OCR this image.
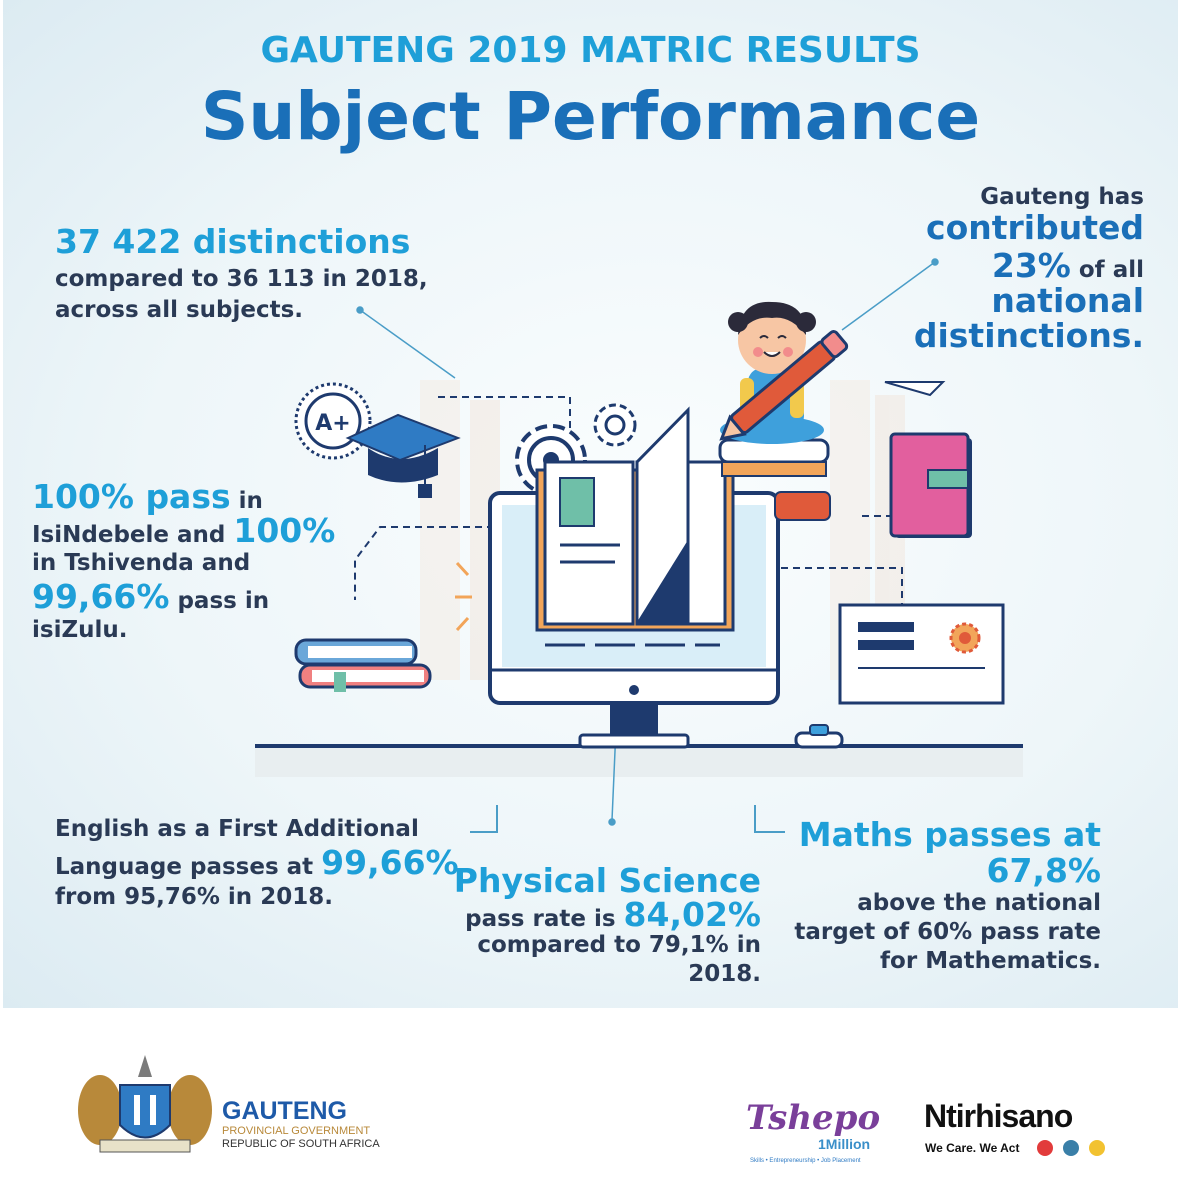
GAUTENG 2019 MATRIC RESULTS
Subject Performance
37 422 distinctions
compared to 36 113 in 2018,
across all subjects.
Gauteng has
contributed
23% of all
national
distinctions.
100% pass in
IsiNdebele and 100%
in Tshivenda and
99,66% pass in
isiZulu.
English as a First Additional
Language passes at 99,66%
from 95,76% in 2018.	Physical Science
pass rate is 84,02%
compared to 79,1% in
2018.
Maths passes at
67,8%
above the national
target of 60% pass rate
for Mathematics.
A+
GAUTENG
PROVINCIAL GOVERNMENT
REPUBLIC OF SOUTH AFRICA
Tshepo
1Million
Skills • Entrepreneurship • Job Placement
Ntirhisano
We Care. We Act
